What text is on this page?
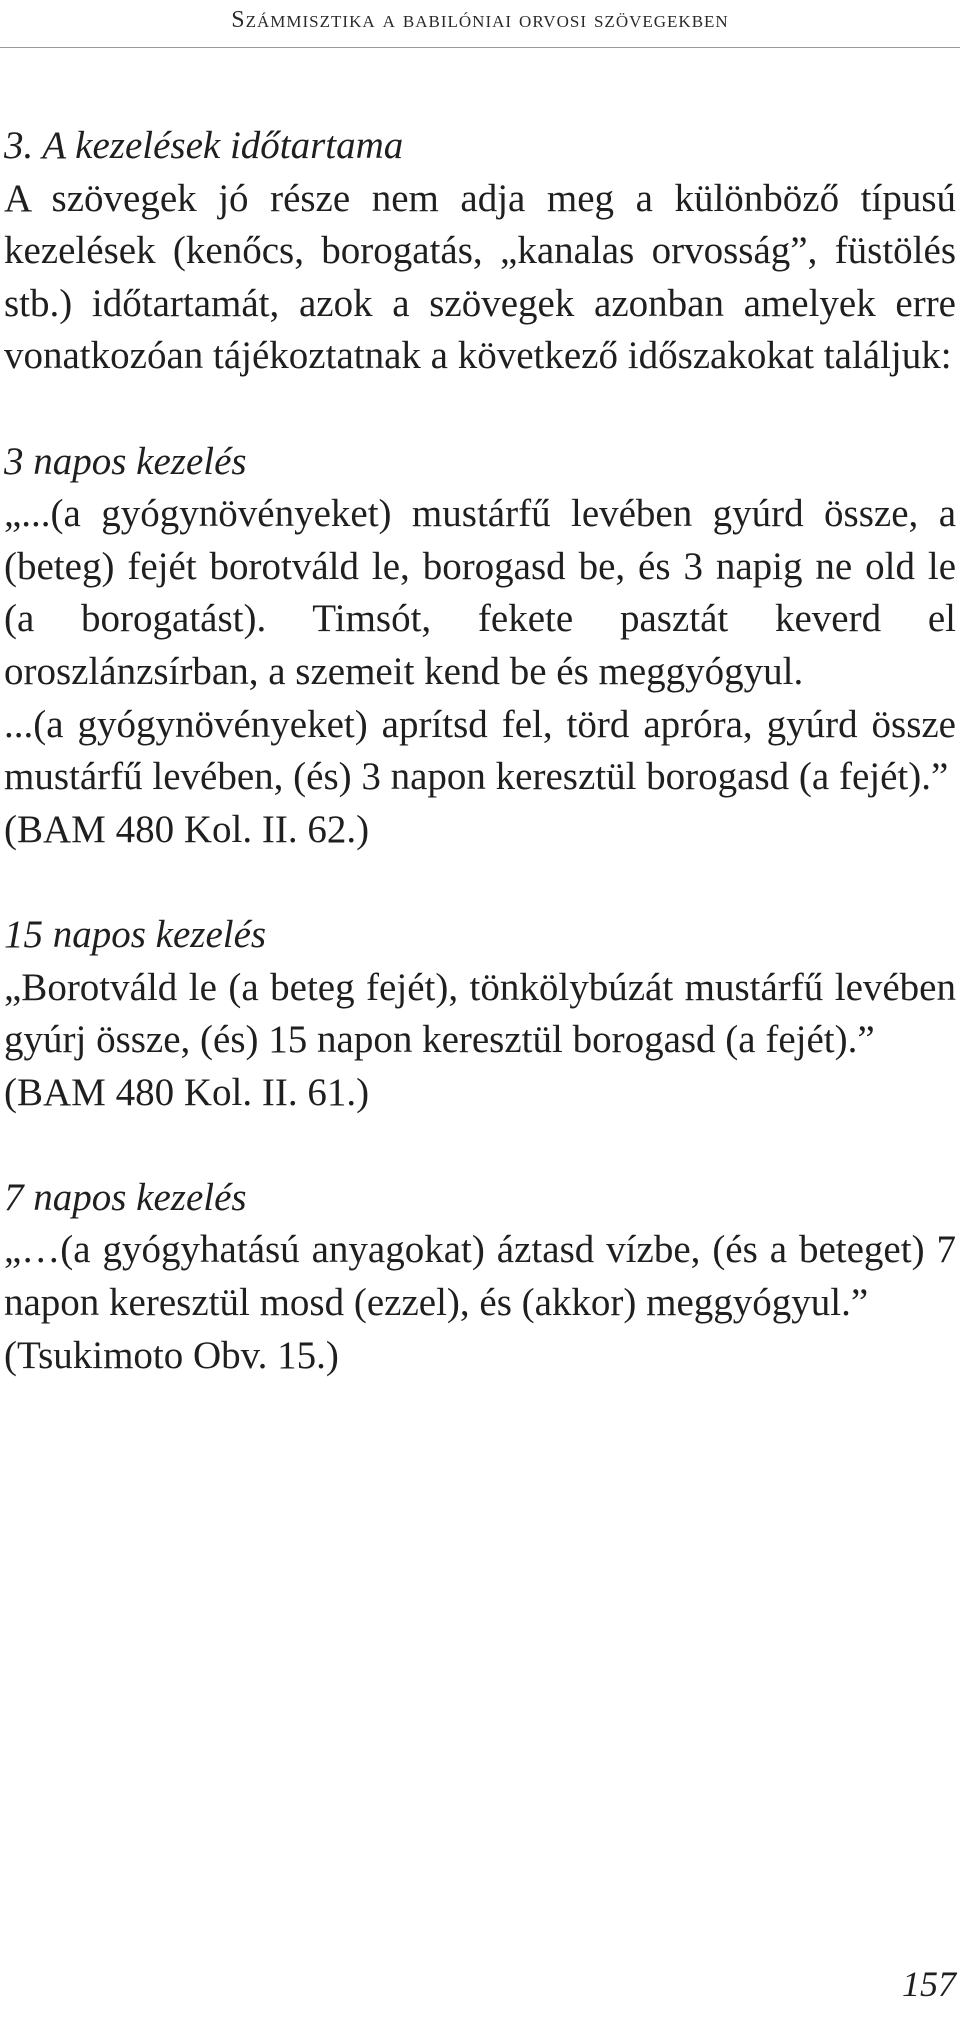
Számmisztika a babilóniai orvosi szövegekben

3. A kezelések időtartama

A szövegek jó része nem adja meg a különböző típusú kezelések (kenőcs, borogatás, „kanalas orvosság”, füstölés stb.) időtartamát, azok a szövegek azonban amelyek erre vonatkozóan tájékoztatnak a következő időszakokat találjuk:

3 napos kezelés

„...(a gyógynövényeket) mustárfű levében gyúrd össze, a (beteg) fejét borotváld le, borogasd be, és 3 napig ne old le (a borogatást). Timsót, fekete pasztát keverd el oroszlánzsírban, a szemeit kend be és meggyógyul.

...(a gyógynövényeket) aprítsd fel, törd apróra, gyúrd össze mustárfű levében, (és) 3 napon keresztül borogasd (a fejét).”

(BAM 480 Kol. II. 62.)

15 napos kezelés

„Borotváld le (a beteg fejét), tönkölybúzát mustárfű levében gyúrj össze, (és) 15 napon keresztül borogasd (a fejét).”

(BAM 480 Kol. II. 61.)

7 napos kezelés

„…(a gyógyhatású anyagokat) áztasd vízbe, (és a beteget) 7 napon keresztül mosd (ezzel), és (akkor) meggyógyul.”

(Tsukimoto Obv. 15.)

157
